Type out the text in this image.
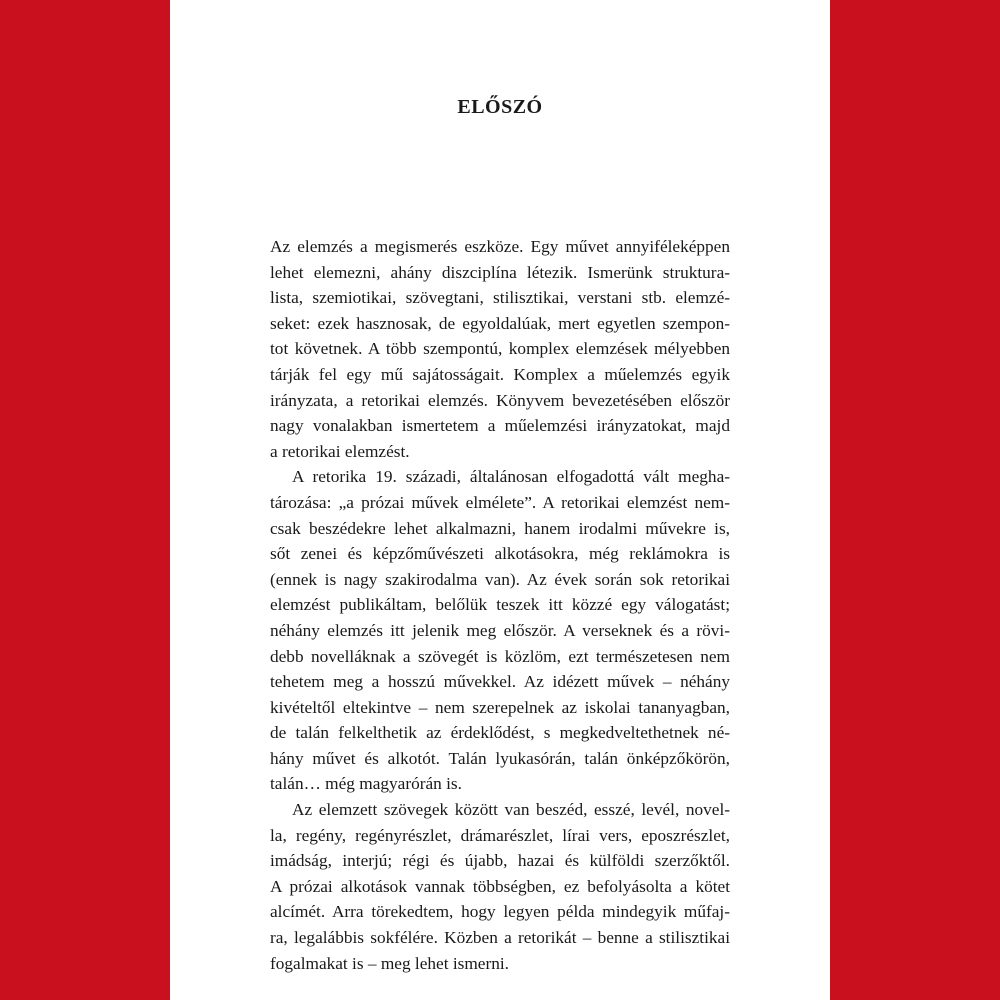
ELŐSZÓ
Az elemzés a megismerés eszköze. Egy művet annyiféleképpen
lehet elemezni, ahány diszciplína létezik. Ismerünk struktura-
lista, szemiotikai, szövegtani, stilisztikai, verstani stb. elemzé-
seket: ezek hasznosak, de egyoldalúak, mert egyetlen szempon-
tot követnek. A több szempontú, komplex elemzések mélyebben
tárják fel egy mű sajátosságait. Komplex a műelemzés egyik
irányzata, a retorikai elemzés. Könyvem bevezetésében először
nagy vonalakban ismertetem a műelemzési irányzatokat, majd
a retorikai elemzést.
A retorika 19. századi, általánosan elfogadottá vált megha-
tározása: „a prózai művek elmélete”. A retorikai elemzést nem-
csak beszédekre lehet alkalmazni, hanem irodalmi művekre is,
sőt zenei és képzőművészeti alkotásokra, még reklámokra is
(ennek is nagy szakirodalma van). Az évek során sok retorikai
elemzést publikáltam, belőlük teszek itt közzé egy válogatást;
néhány elemzés itt jelenik meg először. A verseknek és a rövi-
debb novelláknak a szövegét is közlöm, ezt természetesen nem
tehetem meg a hosszú művekkel. Az idézett művek – néhány
kivételtől eltekintve – nem szerepelnek az iskolai tananyagban,
de talán felkelthetik az érdeklődést, s megkedveltethetnek né-
hány művet és alkotót. Talán lyukasórán, talán önképzőkörön,
talán… még magyarórán is.
Az elemzett szövegek között van beszéd, esszé, levél, novel-
la, regény, regényrészlet, drámarészlet, lírai vers, eposzrészlet,
imádság, interjú; régi és újabb, hazai és külföldi szerzőktől.
A prózai alkotások vannak többségben, ez befolyásolta a kötet
alcímét. Arra törekedtem, hogy legyen példa mindegyik műfaj-
ra, legalábbis sokfélére. Közben a retorikát – benne a stilisztikai
fogalmakat is – meg lehet ismerni.
